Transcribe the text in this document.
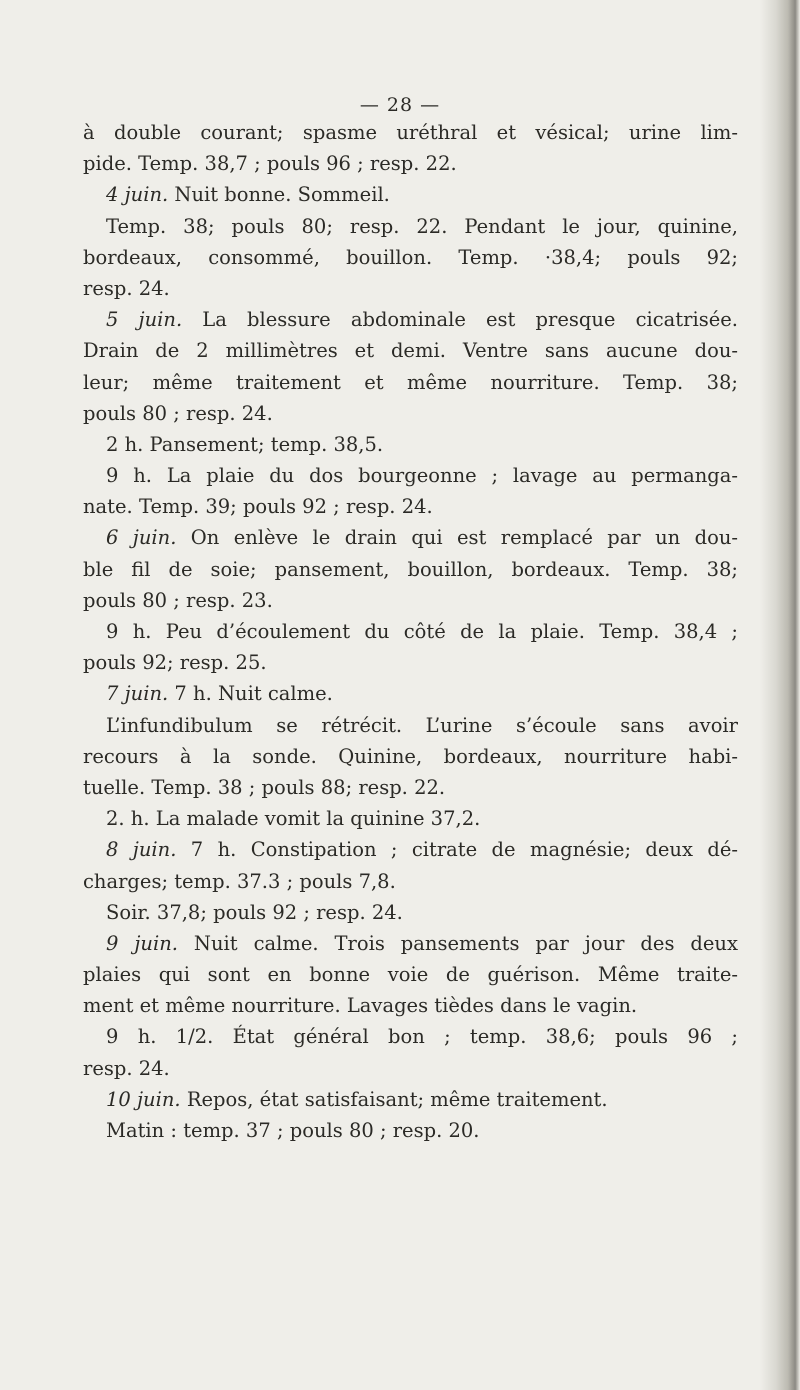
— 28 —
à double courant; spasme uréthral et vésical; urine lim-
pide. Temp. 38,7 ; pouls 96 ; resp. 22.
4 juin. Nuit bonne. Sommeil.
Temp. 38; pouls 80; resp. 22. Pendant le jour, quinine,
bordeaux, consommé, bouillon. Temp. ·38,4; pouls 92;
resp. 24.
5 juin. La blessure abdominale est presque cicatrisée.
Drain de 2 millimètres et demi. Ventre sans aucune dou-
leur; même traitement et même nourriture. Temp. 38;
pouls 80 ; resp. 24.
2 h. Pansement; temp. 38,5.
9 h. La plaie du dos bourgeonne ; lavage au permanga-
nate. Temp. 39; pouls 92 ; resp. 24.
6 juin. On enlève le drain qui est remplacé par un dou-
ble fil de soie; pansement, bouillon, bordeaux. Temp. 38;
pouls 80 ; resp. 23.
9 h. Peu d’écoulement du côté de la plaie. Temp. 38,4 ;
pouls 92; resp. 25.
7 juin. 7 h. Nuit calme.
L’infundibulum se rétrécit. L’urine s’écoule sans avoir
recours à la sonde. Quinine, bordeaux, nourriture habi-
tuelle. Temp. 38 ; pouls 88; resp. 22.
2. h. La malade vomit la quinine 37,2.
8 juin. 7 h. Constipation ; citrate de magnésie; deux dé-
charges; temp. 37.3 ; pouls 7,8.
Soir. 37,8; pouls 92 ; resp. 24.
9 juin. Nuit calme. Trois pansements par jour des deux
plaies qui sont en bonne voie de guérison. Même traite-
ment et même nourriture. Lavages tièdes dans le vagin.
9 h. 1/2. État général bon ; temp. 38,6; pouls 96 ;
resp. 24.
10 juin. Repos, état satisfaisant; même traitement.
Matin : temp. 37 ; pouls 80 ; resp. 20.
